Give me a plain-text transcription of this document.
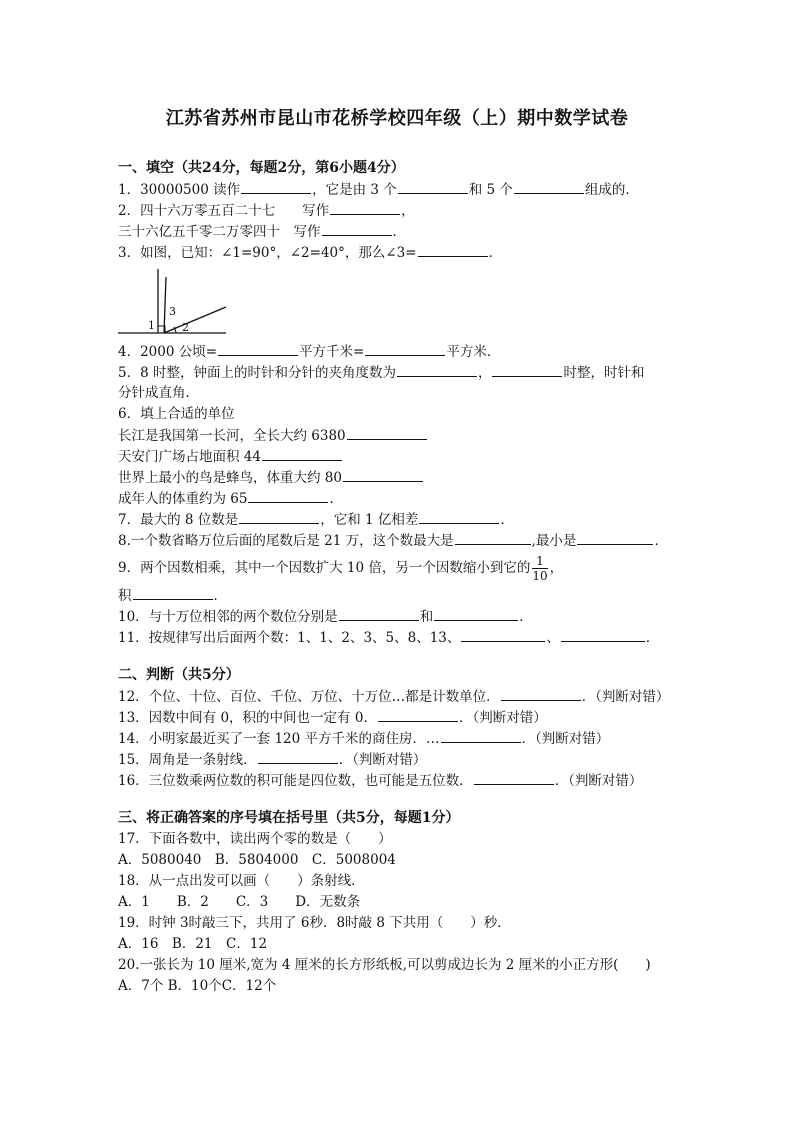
江苏省苏州市昆山市花桥学校四年级（上）期中数学试卷
一、填空（共24分，每题2分，第6小题4分）
1．30000500 读作	，它是由 3 个	和 5 个	组成的．
2．四十六万零五百二十七　　写作	，
三十六亿五千零二万零四十　写作	．
3．如图，已知：∠1=90°，∠2=40°，那么∠3=	．
1
3
2
4．2000 公顷=	平方千米=	平方米．
5．8 时整，钟面上的时针和分针的夹角度数为	，	时整，时针和
分针成直角．
6．填上合适的单位
长江是我国第一长河，全长大约 6380
天安门广场占地面积 44
世界上最小的鸟是蜂鸟，体重大约 80
成年人的体重约为 65	．
7．最大的 8 位数是	，它和 1 亿相差	．
8.一个数省略万位后面的尾数后是 21 万，这个数最大是	,最小是	．
9．两个因数相乘，其中一个因数扩大 10 倍，另一个因数缩小到它的 $\frac{1}{10}$ ，
积	．
10．与十万位相邻的两个数位分别是	和	．
11．按规律写出后面两个数：1、1、2、3、5、8、13、	、	．
二、判断（共5分）
12．个位、十位、百位、千位、万位、十万位…都是计数单位．	．（判断对错）
13．因数中间有 0，积的中间也一定有 0．	．（判断对错）
14．小明家最近买了一套 120 平方千米的商住房．…	．（判断对错）
15．周角是一条射线．	．（判断对错）
16．三位数乘两位数的积可能是四位数，也可能是五位数．	．（判断对错）
三、将正确答案的序号填在括号里（共5分，每题1分）
17．下面各数中，读出两个零的数是（　　）
A．5080040　B．5804000　C．5008004
18．从一点出发可以画（　　）条射线．
A．1　　B．2　　C．3　　D．无数条
19．时钟 3时敲三下，共用了 6秒．8时敲 8 下共用（　　）秒．
A．16　B．21　C．12
20.一张长为 10 厘米,宽为 4 厘米的长方形纸板,可以剪成边长为 2 厘米的小正方形(　　)
A．7个 B．10个C．12个
